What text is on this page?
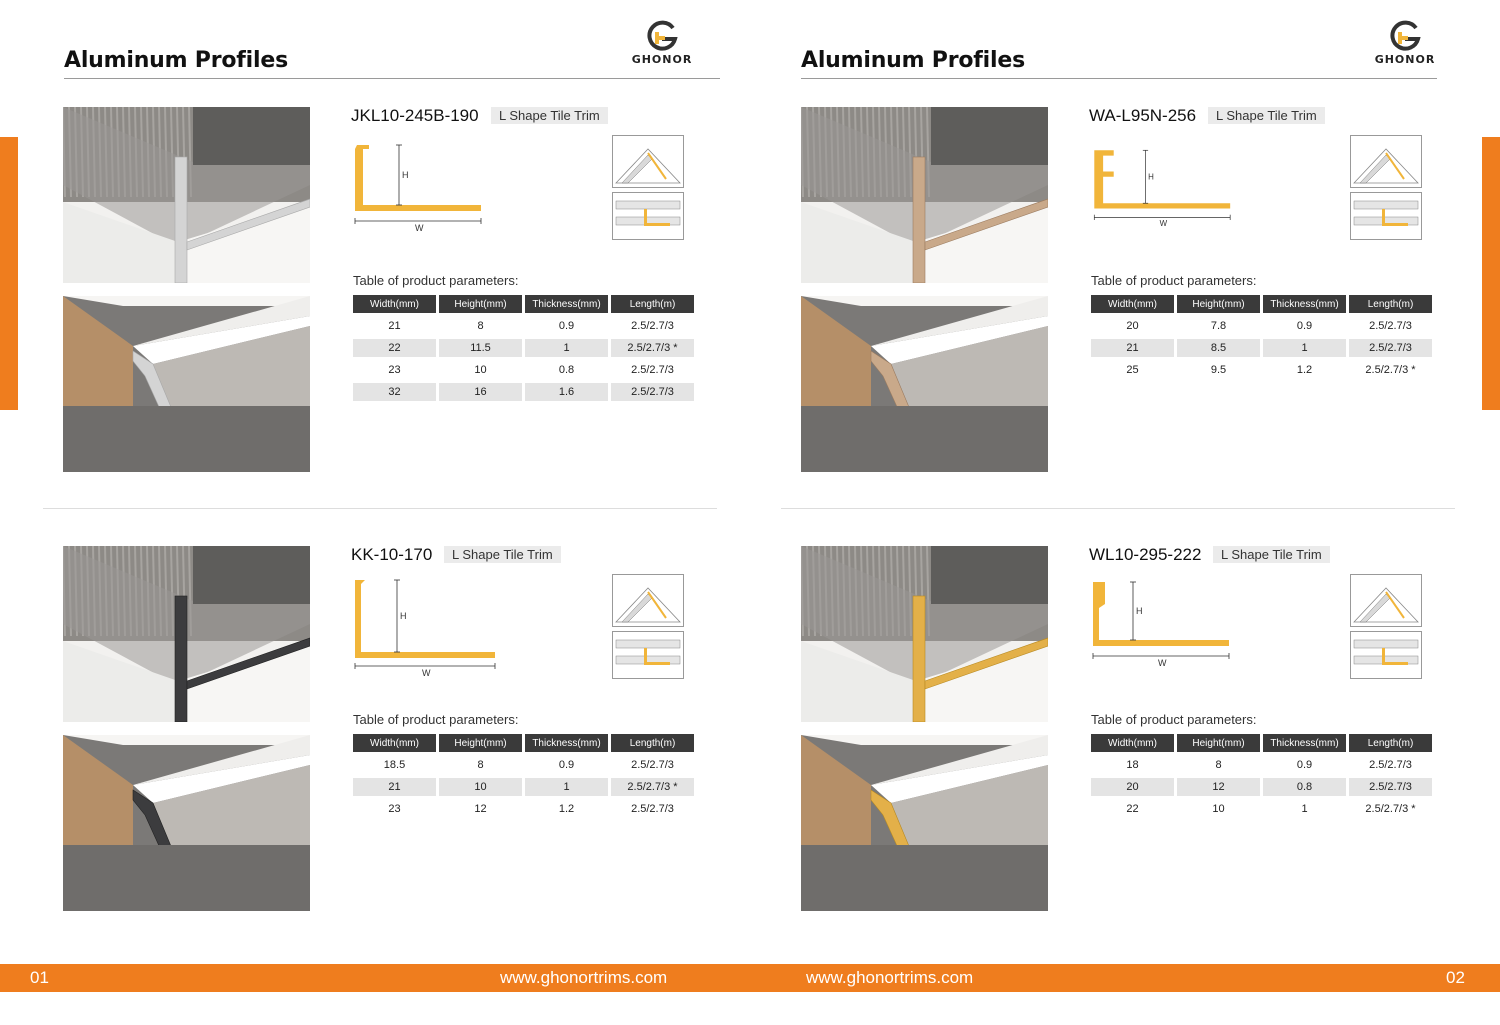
Aluminum Profiles	Aluminum Profiles
GHONOR	GHONOR
JKL10-245B-190	L Shape Tile Trim
H
W
Table of product parameters:
Width(mm)	Height(mm)	Thickness(mm)	Length(m)
21	8	0.9	2.5/2.7/3
22	11.5	1	2.5/2.7/3 *
23	10	0.8	2.5/2.7/3
32	16	1.6	2.5/2.7/3
WA-L95N-256	L Shape Tile Trim
H
W
Table of product parameters:
Width(mm)	Height(mm)	Thickness(mm)	Length(m)
20	7.8	0.9	2.5/2.7/3
21	8.5	1	2.5/2.7/3
25	9.5	1.2	2.5/2.7/3 *
KK-10-170	L Shape Tile Trim
H
W
Table of product parameters:
Width(mm)	Height(mm)	Thickness(mm)	Length(m)
18.5	8	0.9	2.5/2.7/3
21	10	1	2.5/2.7/3 *
23	12	1.2	2.5/2.7/3
WL10-295-222	L Shape Tile Trim
H
W
Table of product parameters:
Width(mm)	Height(mm)	Thickness(mm)	Length(m)
18	8	0.9	2.5/2.7/3
20	12	0.8	2.5/2.7/3
22	10	1	2.5/2.7/3 *
01	www.ghonortrims.com	www.ghonortrims.com	02
